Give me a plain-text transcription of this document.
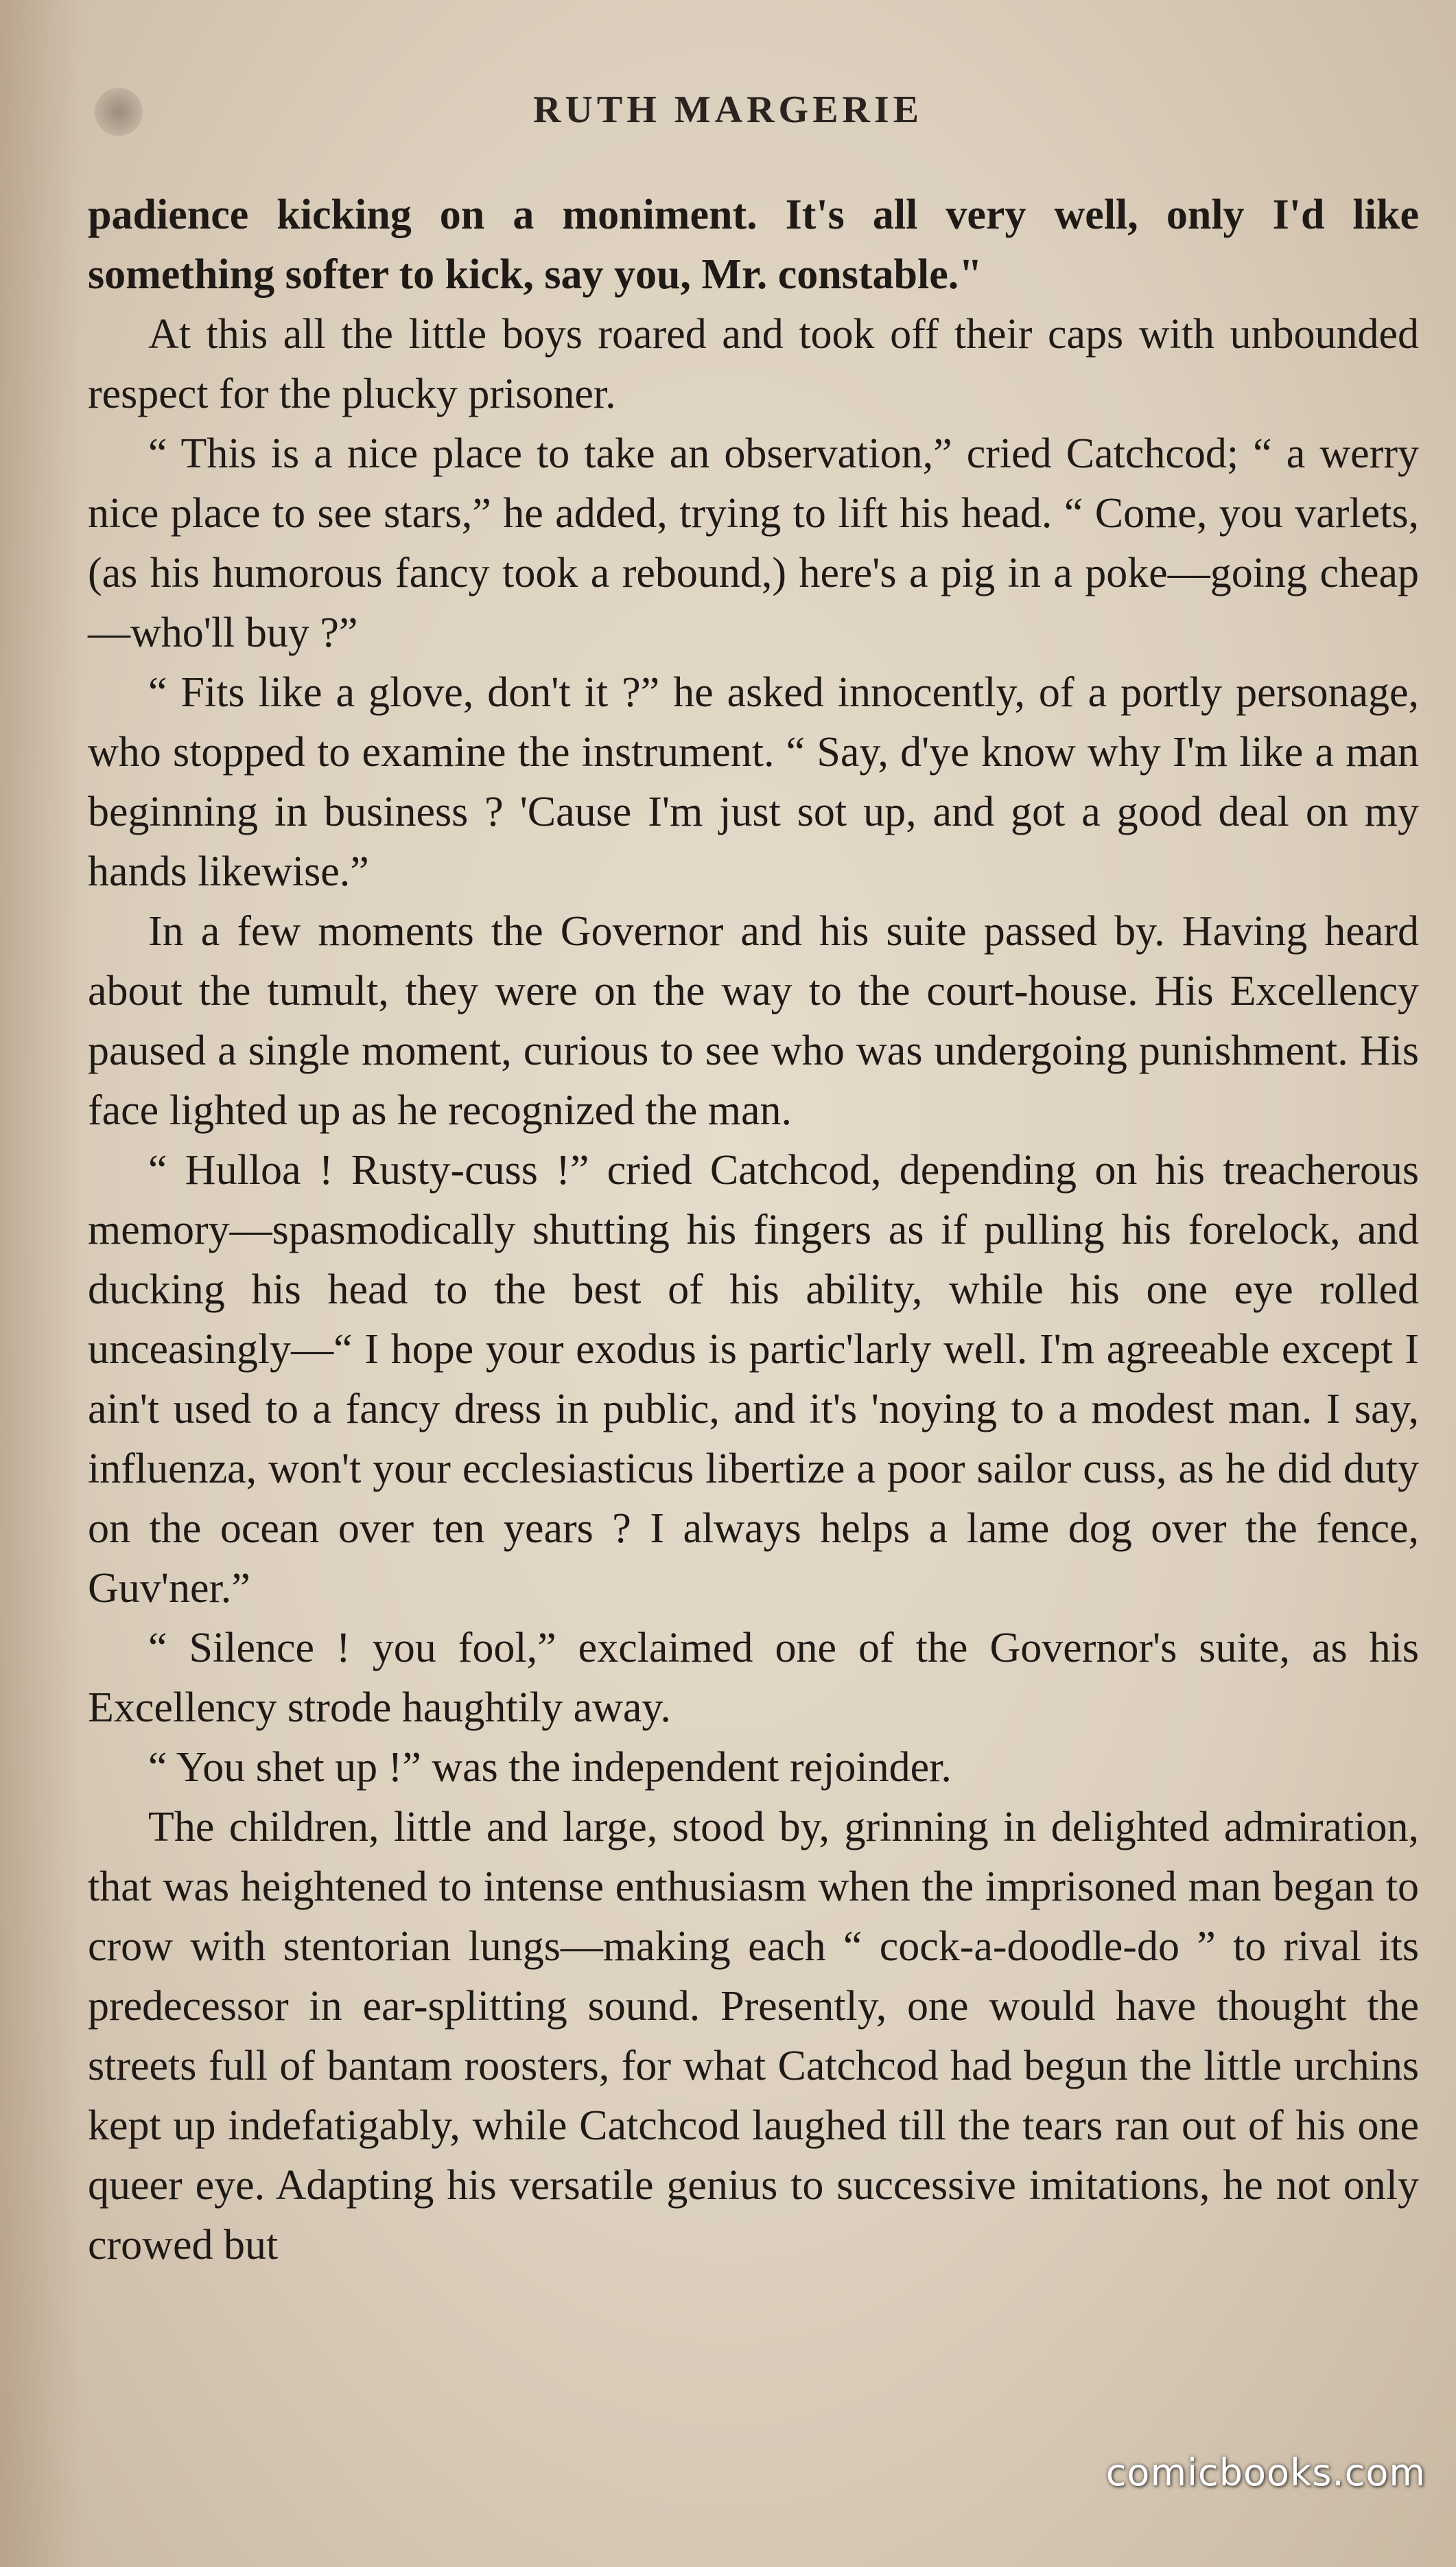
RUTH MARGERIE

padience kicking on a moniment. It's all very well, only I'd like something softer to kick, say you, Mr. constable."

At this all the little boys roared and took off their caps with unbounded respect for the plucky prisoner.

“ This is a nice place to take an observation,” cried Catchcod; “ a werry nice place to see stars,” he added, trying to lift his head. “ Come, you varlets, (as his humorous fancy took a rebound,) here's a pig in a poke—going cheap—who'll buy ?”

“ Fits like a glove, don't it ?” he asked innocently, of a portly personage, who stopped to examine the instrument. “ Say, d'ye know why I'm like a man beginning in business ? 'Cause I'm just sot up, and got a good deal on my hands likewise.”

In a few moments the Governor and his suite passed by. Having heard about the tumult, they were on the way to the court-house. His Excellency paused a single moment, curious to see who was undergoing punishment. His face lighted up as he recognized the man.

“ Hulloa ! Rusty-cuss !” cried Catchcod, depending on his treacherous memory—spasmodically shutting his fingers as if pulling his forelock, and ducking his head to the best of his ability, while his one eye rolled unceasingly—“ I hope your exodus is partic'larly well. I'm agreeable except I ain't used to a fancy dress in public, and it's 'noying to a modest man. I say, influenza, won't your ecclesiasticus libertize a poor sailor cuss, as he did duty on the ocean over ten years ? I always helps a lame dog over the fence, Guv'ner.”

“ Silence ! you fool,” exclaimed one of the Governor's suite, as his Excellency strode haughtily away.

“ You shet up !” was the independent rejoinder.

The children, little and large, stood by, grinning in delighted admiration, that was heightened to intense enthusiasm when the imprisoned man began to crow with stentorian lungs—making each “ cock-a-doodle-do ” to rival its predecessor in ear-splitting sound. Presently, one would have thought the streets full of bantam roosters, for what Catchcod had begun the little urchins kept up indefatigably, while Catchcod laughed till the tears ran out of his one queer eye. Adapting his versatile genius to successive imitations, he not only crowed but

comicbooks.com
